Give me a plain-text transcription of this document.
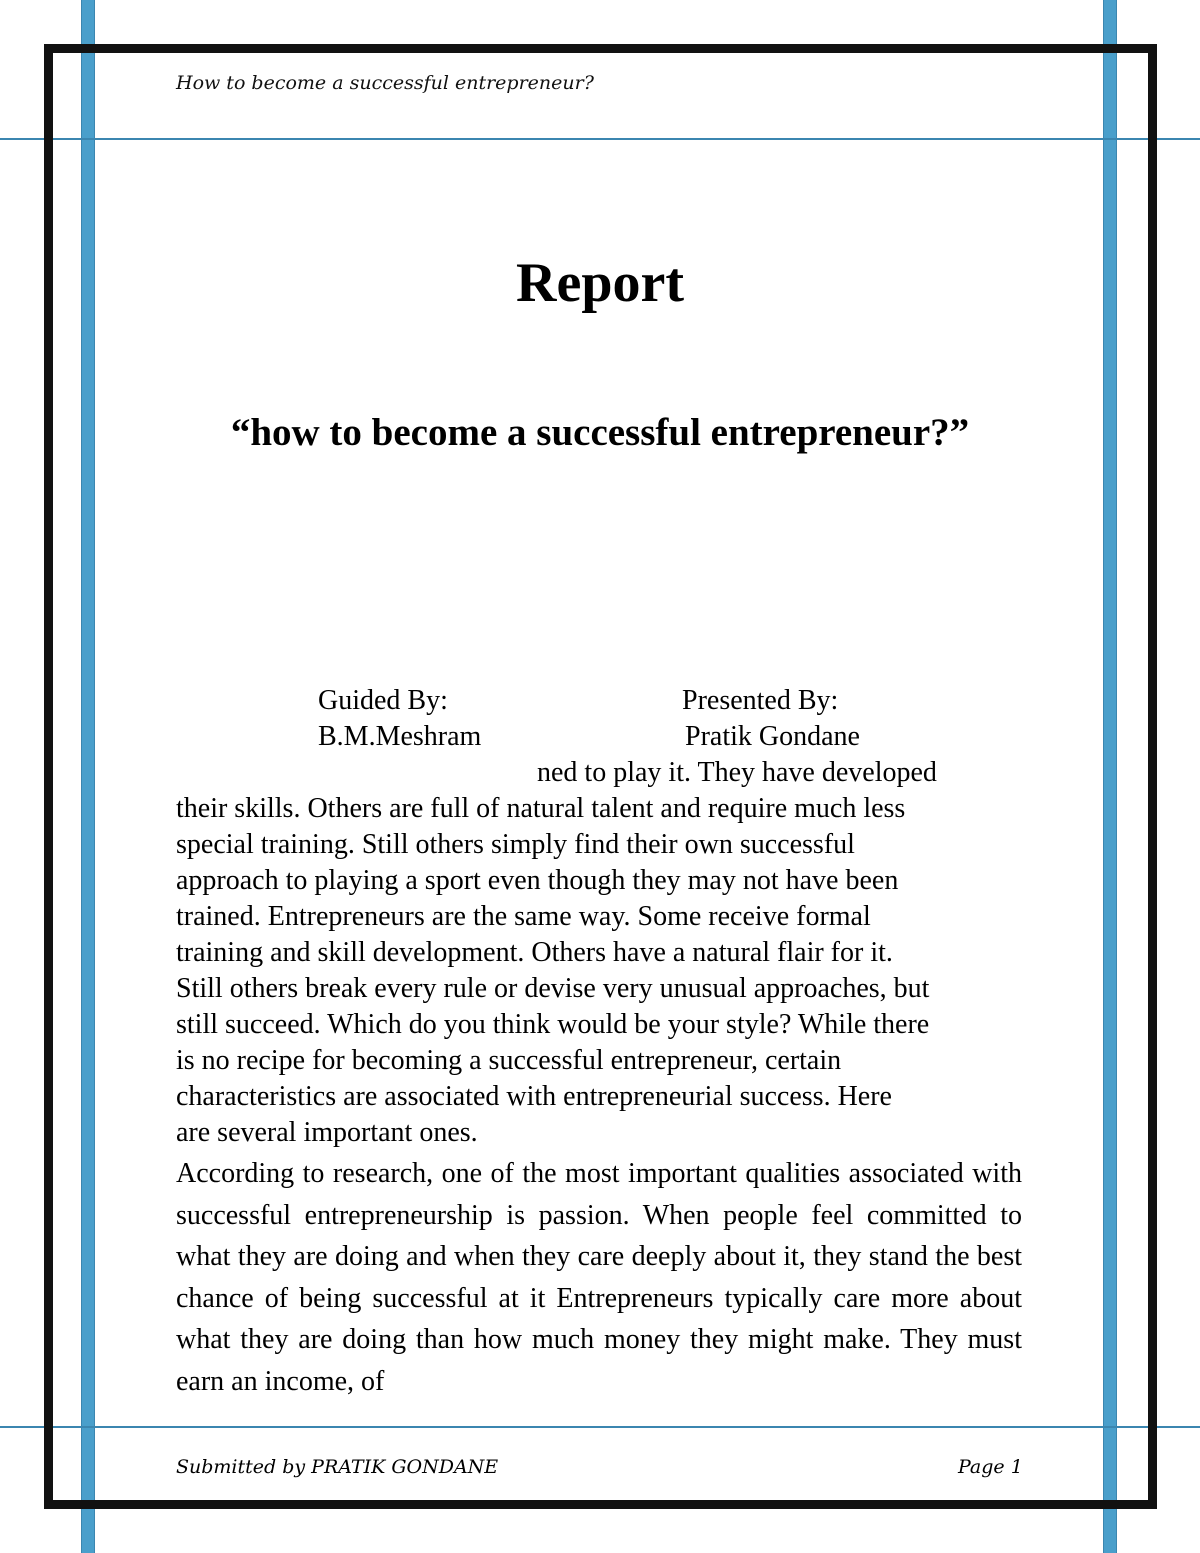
How to become a successful entrepreneur?
Report
“how to become a successful entrepreneur?”
Guided By:
B.M.Meshram
Presented By:
Pratik Gondane
ned to play it. They have developed
their skills. Others are full of natural talent and require much less
special training. Still others simply find their own successful
approach to playing a sport even though they may not have been
trained. Entrepreneurs are the same way. Some receive formal
training and skill development. Others have a natural flair for it.
Still others break every rule or devise very unusual approaches, but
still succeed. Which do you think would be your style? While there
is no recipe for becoming a successful entrepreneur, certain
characteristics are associated with entrepreneurial success. Here
are several important ones.
According to research, one of the most important qualities associated with successful entrepreneurship is passion. When people feel committed to what they are doing and when they care deeply about it, they stand the best chance of being successful at it Entrepreneurs typically care more about what they are doing than how much money they might make. They must earn an income, of
Submitted by PRATIK GONDANE	Page 1
